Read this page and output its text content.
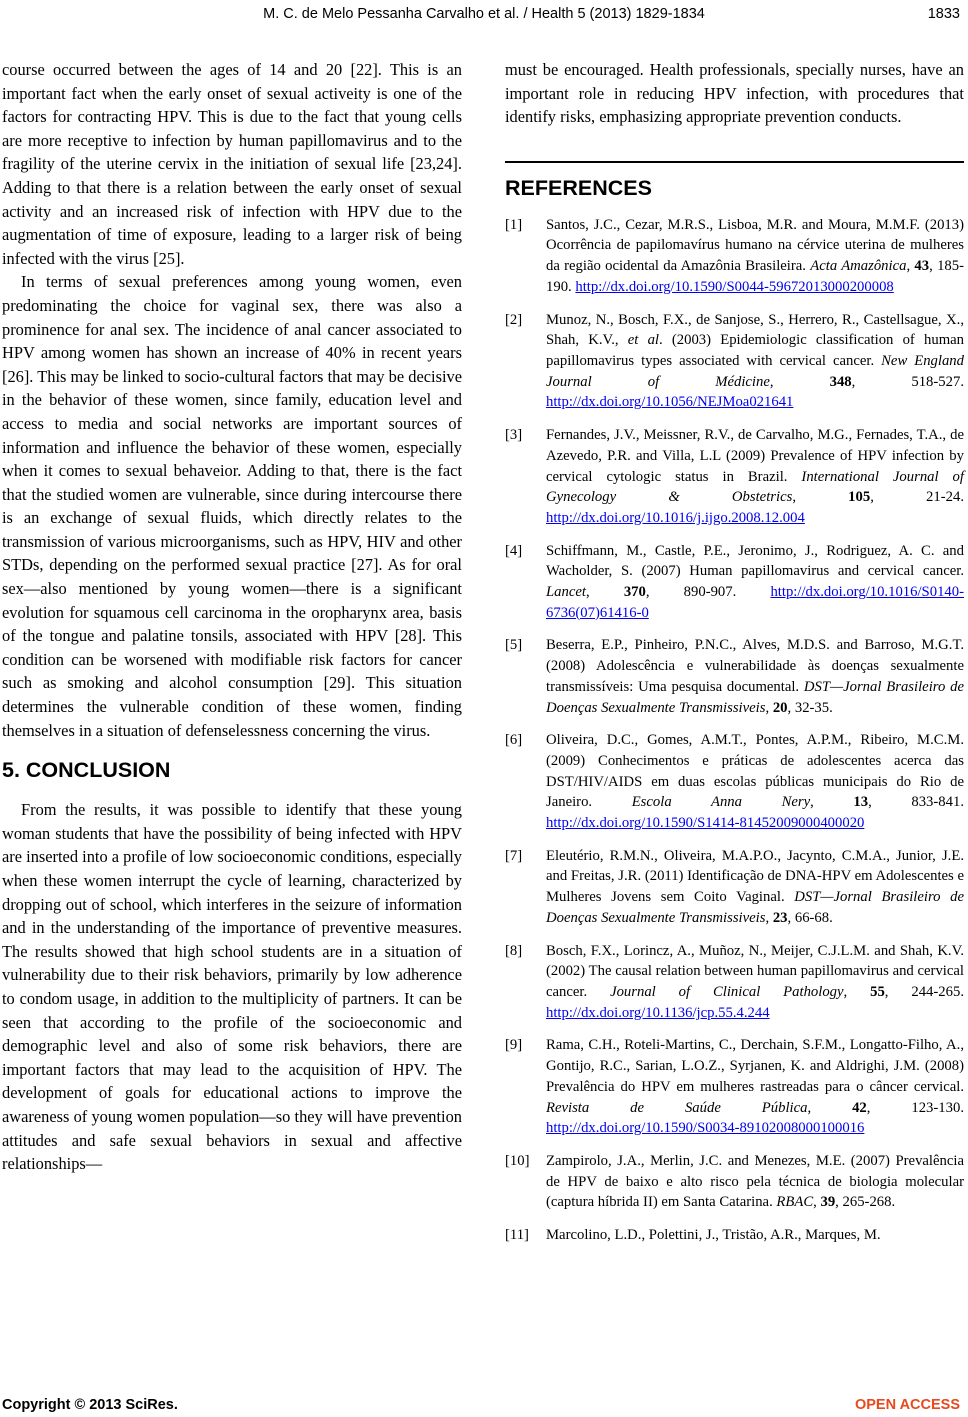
M. C. de Melo Pessanha Carvalho et al. / Health 5 (2013) 1829-1834	1833

course occurred between the ages of 14 and 20 [22]. This is an important fact when the early onset of sexual activeity is one of the factors for contracting HPV. This is due to the fact that young cells are more receptive to infection by human papillomavirus and to the fragility of the uterine cervix in the initiation of sexual life [23,24]. Adding to that there is a relation between the early onset of sexual activity and an increased risk of infection with HPV due to the augmentation of time of exposure, leading to a larger risk of being infected with the virus [25].

In terms of sexual preferences among young women, even predominating the choice for vaginal sex, there was also a prominence for anal sex. The incidence of anal cancer associated to HPV among women has shown an increase of 40% in recent years [26]. This may be linked to socio-cultural factors that may be decisive in the behavior of these women, since family, education level and access to media and social networks are important sources of information and influence the behavior of these women, especially when it comes to sexual behaveior. Adding to that, there is the fact that the studied women are vulnerable, since during intercourse there is an exchange of sexual fluids, which directly relates to the transmission of various microorganisms, such as HPV, HIV and other STDs, depending on the performed sexual practice [27]. As for oral sex—also mentioned by young women—there is a significant evolution for squamous cell carcinoma in the oropharynx area, basis of the tongue and palatine tonsils, associated with HPV [28]. This condition can be worsened with modifiable risk factors for cancer such as smoking and alcohol consumption [29]. This situation determines the vulnerable condition of these women, finding themselves in a situation of defenselessness concerning the virus.

5. CONCLUSION

From the results, it was possible to identify that these young woman students that have the possibility of being infected with HPV are inserted into a profile of low socioeconomic conditions, especially when these women interrupt the cycle of learning, characterized by dropping out of school, which interferes in the seizure of information and in the understanding of the importance of preventive measures. The results showed that high school students are in a situation of vulnerability due to their risk behaviors, primarily by low adherence to condom usage, in addition to the multiplicity of partners. It can be seen that according to the profile of the socioeconomic and demographic level and also of some risk behaviors, there are important factors that may lead to the acquisition of HPV. The development of goals for educational actions to improve the awareness of young women population—so they will have prevention attitudes and safe sexual behaviors in sexual and affective relationships—

must be encouraged. Health professionals, specially nurses, have an important role in reducing HPV infection, with procedures that identify risks, emphasizing appropriate prevention conducts.

REFERENCES
[1] Santos, J.C., Cezar, M.R.S., Lisboa, M.R. and Moura, M.M.F. (2013) Ocorrência de papilomavírus humano na cérvice uterina de mulheres da região ocidental da Amazônia Brasileira. Acta Amazônica, 43, 185-190. http://dx.doi.org/10.1590/S0044-59672013000200008
[2] Munoz, N., Bosch, F.X., de Sanjose, S., Herrero, R., Castellsague, X., Shah, K.V., et al. (2003) Epidemiologic classification of human papillomavirus types associated with cervical cancer. New England Journal of Médicine, 348, 518-527. http://dx.doi.org/10.1056/NEJMoa021641
[3] Fernandes, J.V., Meissner, R.V., de Carvalho, M.G., Fernades, T.A., de Azevedo, P.R. and Villa, L.L (2009) Prevalence of HPV infection by cervical cytologic status in Brazil. International Journal of Gynecology & Obstetrics, 105, 21-24. http://dx.doi.org/10.1016/j.ijgo.2008.12.004
[4] Schiffmann, M., Castle, P.E., Jeronimo, J., Rodriguez, A. C. and Wacholder, S. (2007) Human papillomavirus and cervical cancer. Lancet, 370, 890-907. http://dx.doi.org/10.1016/S0140-6736(07)61416-0
[5] Beserra, E.P., Pinheiro, P.N.C., Alves, M.D.S. and Barroso, M.G.T. (2008) Adolescência e vulnerabilidade às doenças sexualmente transmissíveis: Uma pesquisa documental. DST—Jornal Brasileiro de Doenças Sexualmente Transmissiveis, 20, 32-35.
[6] Oliveira, D.C., Gomes, A.M.T., Pontes, A.P.M., Ribeiro, M.C.M. (2009) Conhecimentos e práticas de adolescentes acerca das DST/HIV/AIDS em duas escolas públicas municipais do Rio de Janeiro. Escola Anna Nery, 13, 833-841. http://dx.doi.org/10.1590/S1414-81452009000400020
[7] Eleutério, R.M.N., Oliveira, M.A.P.O., Jacynto, C.M.A., Junior, J.E. and Freitas, J.R. (2011) Identificação de DNA-HPV em Adolescentes e Mulheres Jovens sem Coito Vaginal. DST—Jornal Brasileiro de Doenças Sexualmente Transmissiveis, 23, 66-68.
[8] Bosch, F.X., Lorincz, A., Muñoz, N., Meijer, C.J.L.M. and Shah, K.V. (2002) The causal relation between human papillomavirus and cervical cancer. Journal of Clinical Pathology, 55, 244-265. http://dx.doi.org/10.1136/jcp.55.4.244
[9] Rama, C.H., Roteli-Martins, C., Derchain, S.F.M., Longatto-Filho, A., Gontijo, R.C., Sarian, L.O.Z., Syrjanen, K. and Aldrighi, J.M. (2008) Prevalência do HPV em mulheres rastreadas para o câncer cervical. Revista de Saúde Pública, 42, 123-130. http://dx.doi.org/10.1590/S0034-89102008000100016
[10] Zampirolo, J.A., Merlin, J.C. and Menezes, M.E. (2007) Prevalência de HPV de baixo e alto risco pela técnica de biologia molecular (captura híbrida II) em Santa Catarina. RBAC, 39, 265-268.
[11] Marcolino, L.D., Polettini, J., Tristão, A.R., Marques, M.
Copyright © 2013 SciRes.	OPEN ACCESS
